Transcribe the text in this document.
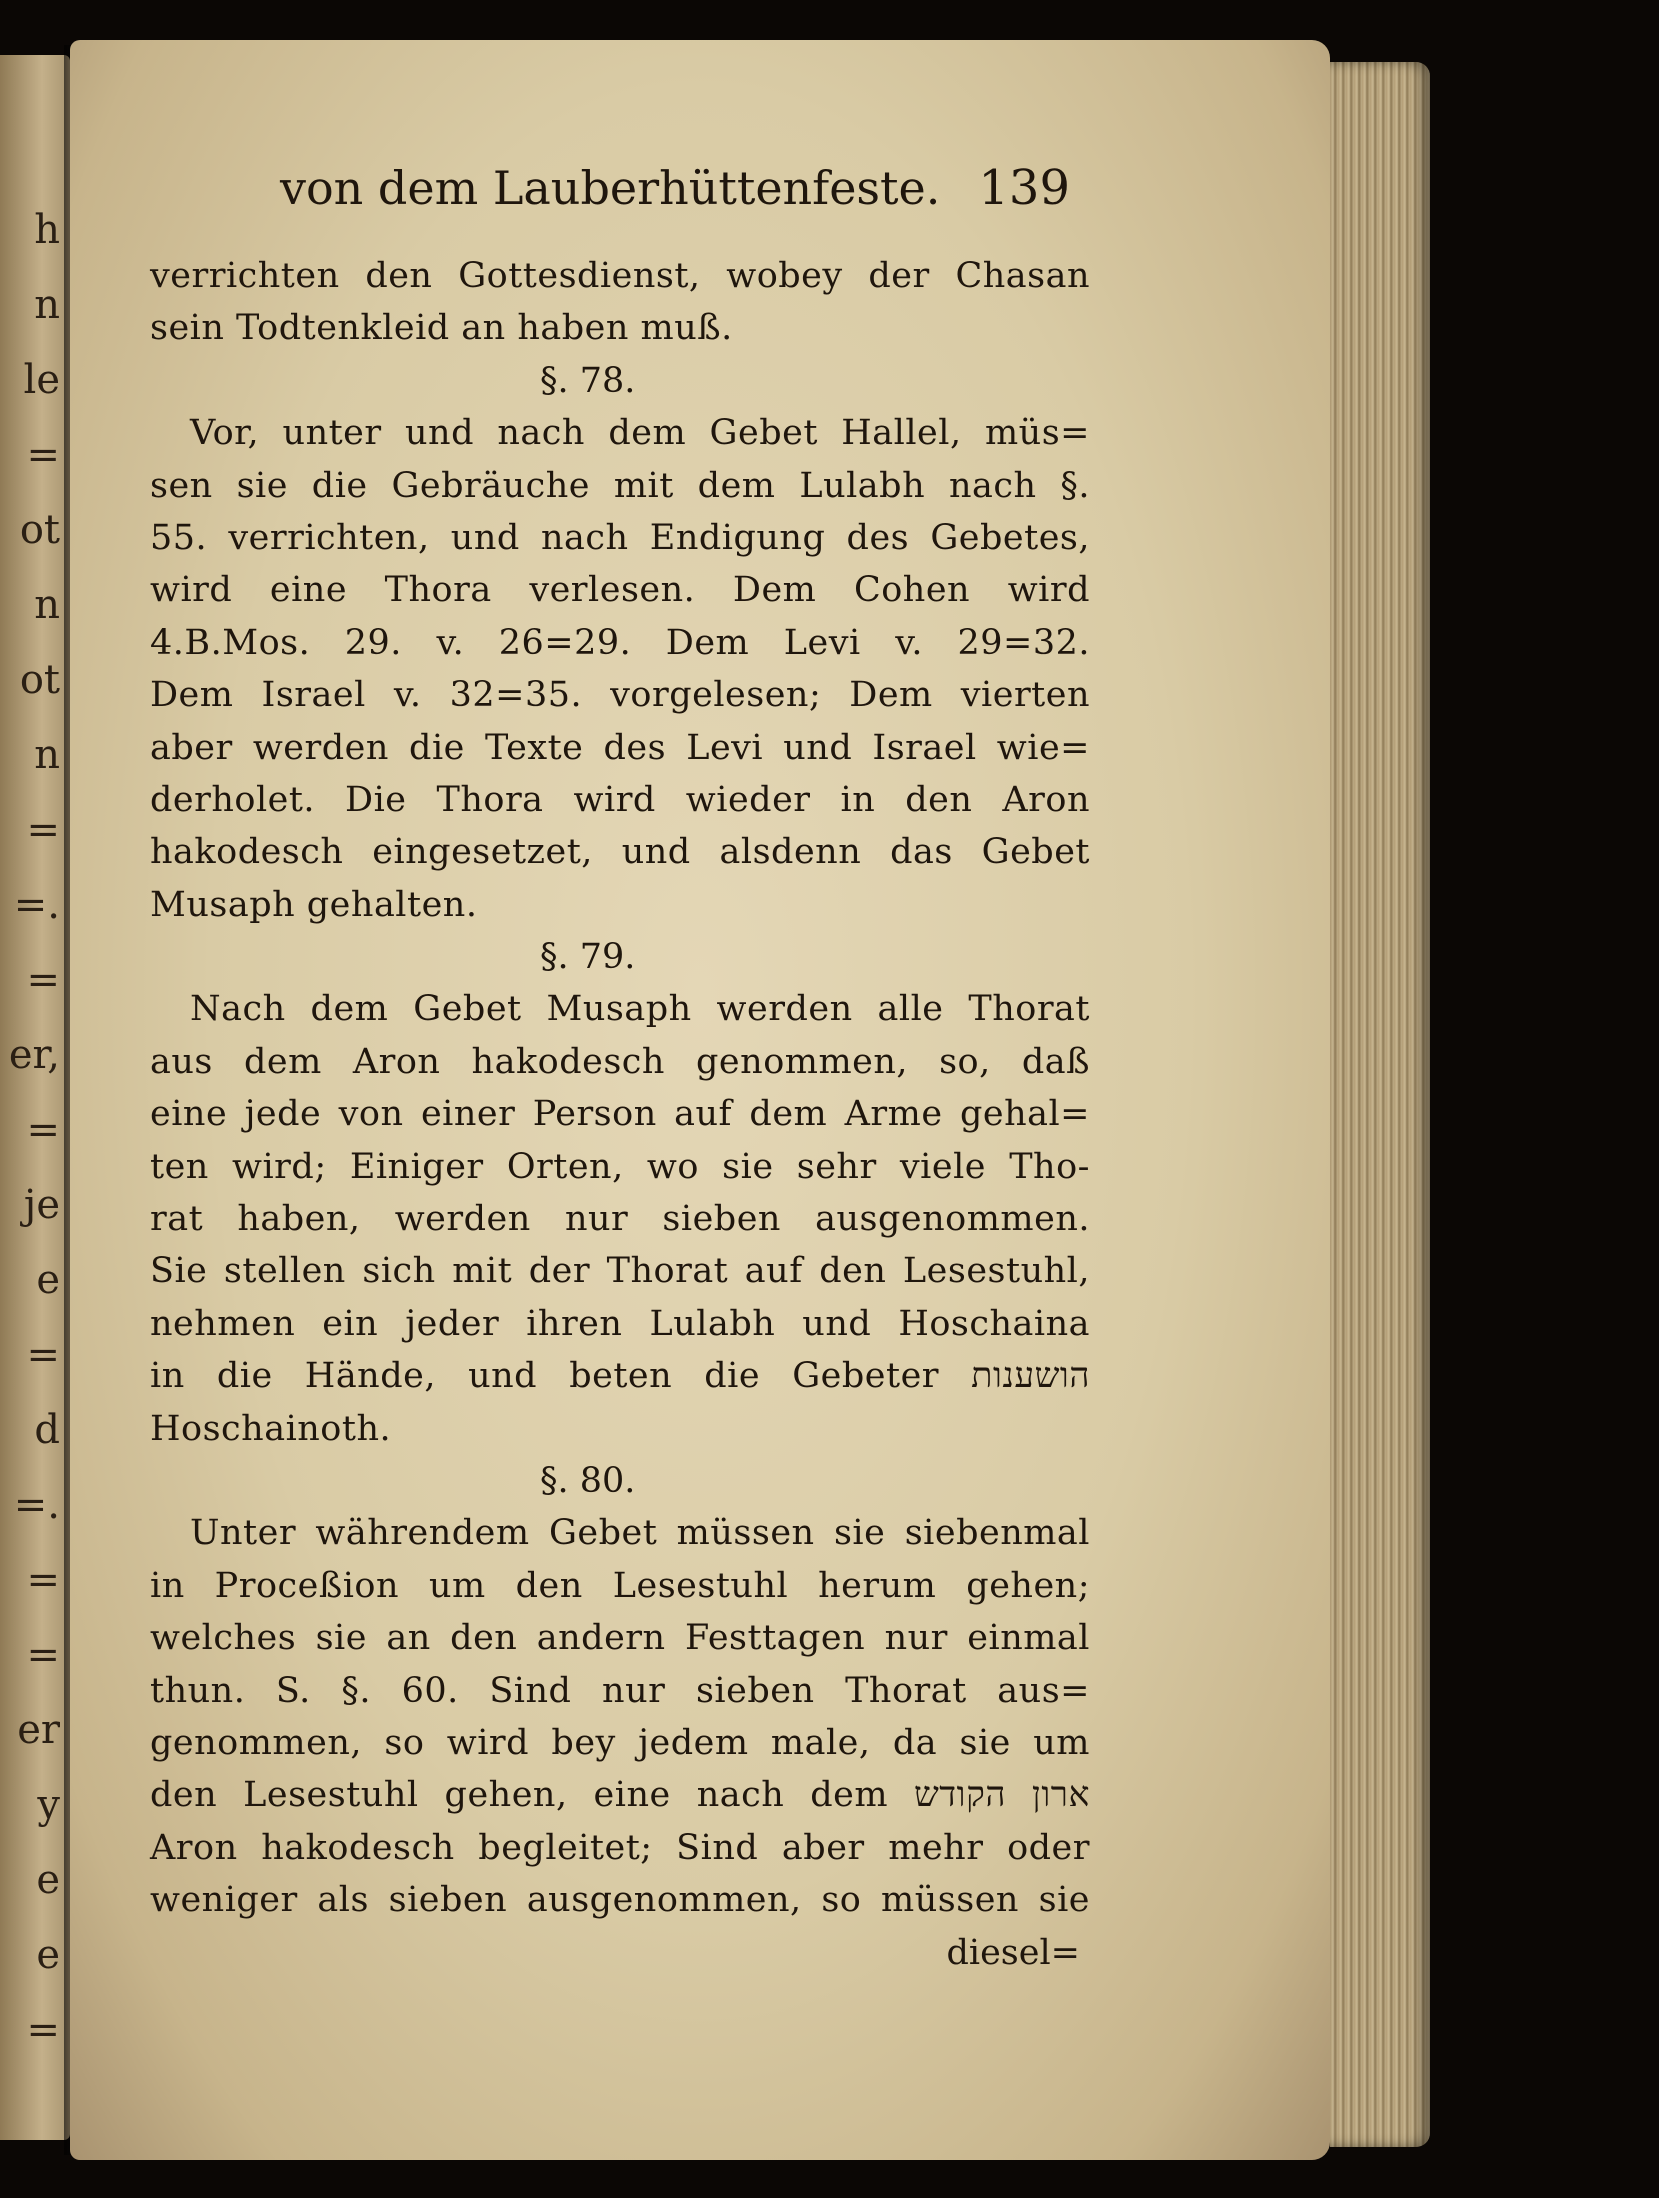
h
n
le
=
ot
n
ot
n
=
=.
=
er,
=
je
e
=
d
=.
=
=
er
y
e
e
=
von dem Lauberhüttenfeste. 139
verrichten den Gottesdienst, wobey der Chasan
sein Todtenkleid an haben muß.
§. 78.
Vor, unter und nach dem Gebet Hallel, müs=
sen sie die Gebräuche mit dem Lulabh nach §.
55. verrichten, und nach Endigung des Gebetes,
wird eine Thora verlesen. Dem Cohen wird
4.B.Mos. 29. v. 26=29. Dem Levi v. 29=32.
Dem Israel v. 32=35. vorgelesen; Dem vierten
aber werden die Texte des Levi und Israel wie=
derholet. Die Thora wird wieder in den Aron
hakodesch eingesetzet, und alsdenn das Gebet
Musaph gehalten.
§. 79.
Nach dem Gebet Musaph werden alle Thorat
aus dem Aron hakodesch genommen, so, daß
eine jede von einer Person auf dem Arme gehal=
ten wird; Einiger Orten, wo sie sehr viele Tho-
rat haben, werden nur sieben ausgenommen.
Sie stellen sich mit der Thorat auf den Lesestuhl,
nehmen ein jeder ihren Lulabh und Hoschaina
in die Hände, und beten die Gebeter הושענות
Hoschainoth.
§. 80.
Unter währendem Gebet müssen sie siebenmal
in Proceßion um den Lesestuhl herum gehen;
welches sie an den andern Festtagen nur einmal
thun. S. §. 60. Sind nur sieben Thorat aus=
genommen, so wird bey jedem male, da sie um
den Lesestuhl gehen, eine nach dem ארון הקודש
Aron hakodesch begleitet; Sind aber mehr oder
weniger als sieben ausgenommen, so müssen sie
diesel=
